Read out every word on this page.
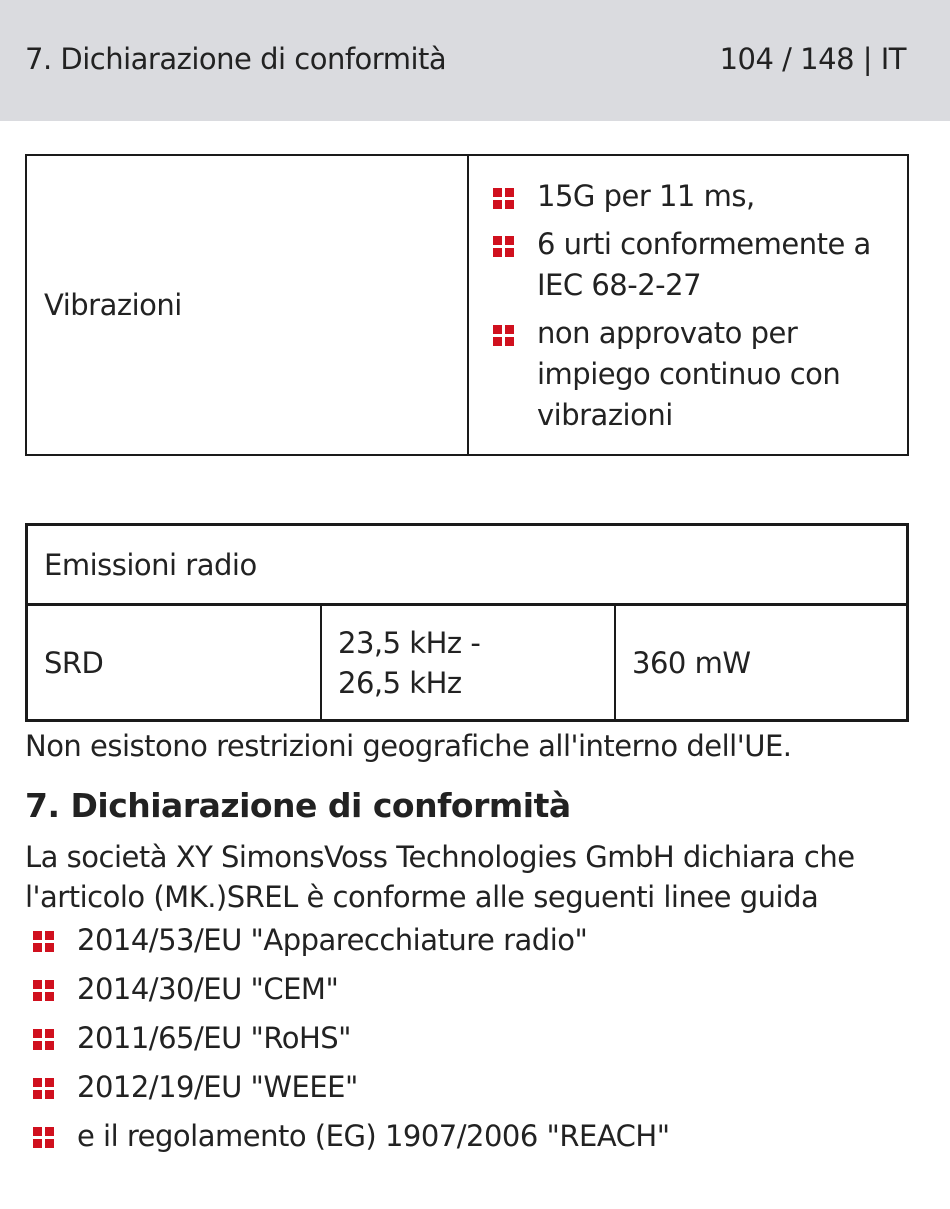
7. Dichiarazione di conformità	104 / 148 | IT
Vibrazioni
15G per 11 ms,
6 urti conformemente a IEC 68-2-27
non approvato per impiego continuo con vibrazioni
Emissioni radio
SRD
23,5 kHz -
26,5 kHz
360 mW
Non esistono restrizioni geografiche all'interno dell'UE.
7. Dichiarazione di conformità
La società XY SimonsVoss Technologies GmbH dichiara che
l'articolo (MK.)SREL è conforme alle seguenti linee guida
2014/53/EU "Apparecchiature radio"
2014/30/EU "CEM"
2011/65/EU "RoHS"
2012/19/EU "WEEE"
e il regolamento (EG) 1907/2006 "REACH"
